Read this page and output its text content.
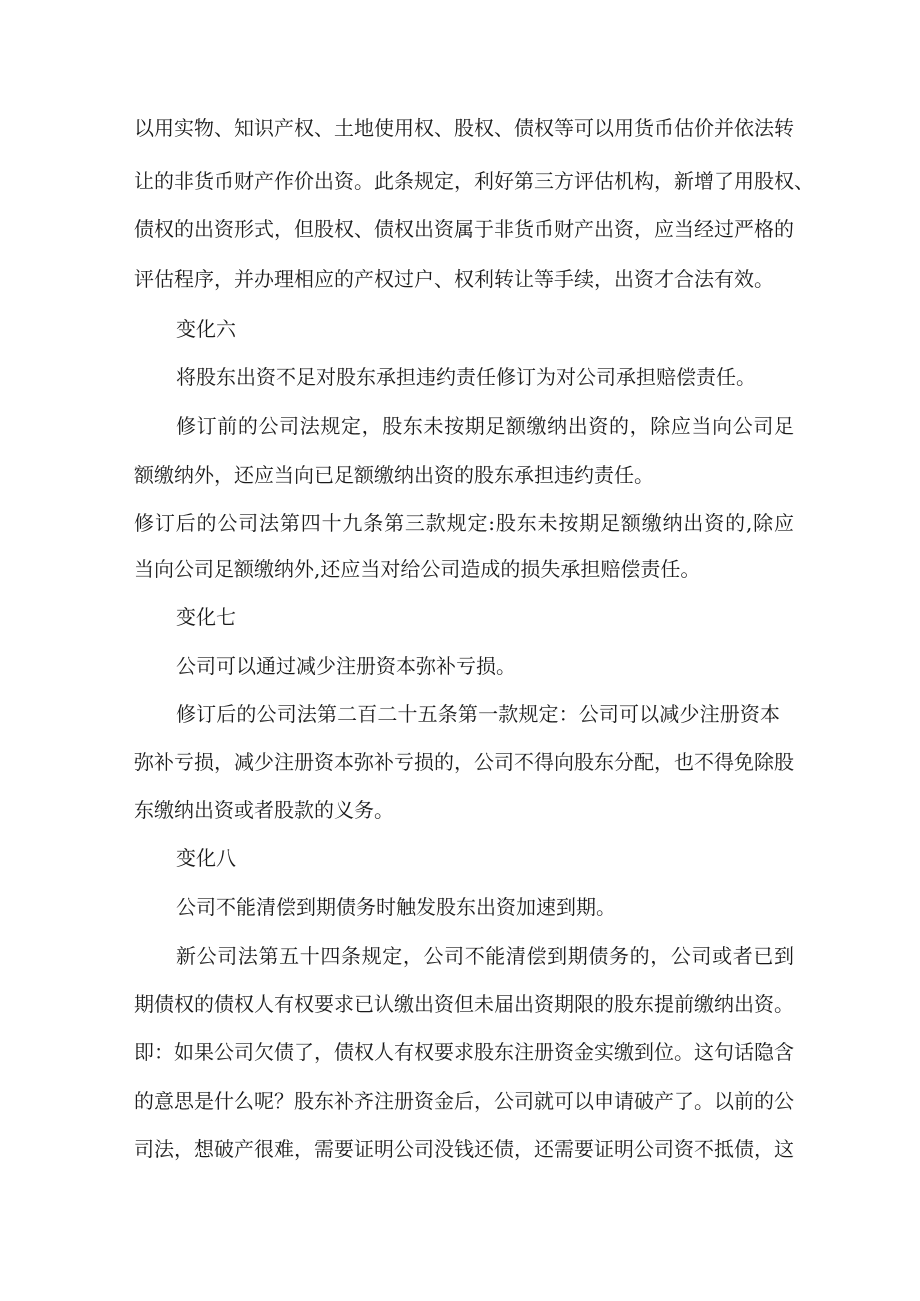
以用实物、知识产权、土地使用权、股权、债权等可以用货币估价并依法转
让的非货币财产作价出资。此条规定，利好第三方评估机构，新增了用股权、
债权的出资形式，但股权、债权出资属于非货币财产出资，应当经过严格的
评估程序，并办理相应的产权过户、权利转让等手续，出资才合法有效。
变化六
将股东出资不足对股东承担违约责任修订为对公司承担赔偿责任。
修订前的公司法规定，股东未按期足额缴纳出资的，除应当向公司足
额缴纳外，还应当向已足额缴纳出资的股东承担违约责任。
修订后的公司法第四十九条第三款规定:股东未按期足额缴纳出资的,除应
当向公司足额缴纳外,还应当对给公司造成的损失承担赔偿责任。
变化七
公司可以通过减少注册资本弥补亏损。
修订后的公司法第二百二十五条第一款规定：公司可以减少注册资本
弥补亏损，减少注册资本弥补亏损的，公司不得向股东分配，也不得免除股
东缴纳出资或者股款的义务。
变化八
公司不能清偿到期债务时触发股东出资加速到期。
新公司法第五十四条规定，公司不能清偿到期债务的，公司或者已到
期债权的债权人有权要求已认缴出资但未届出资期限的股东提前缴纳出资。
即：如果公司欠债了，债权人有权要求股东注册资金实缴到位。这句话隐含
的意思是什么呢？股东补齐注册资金后，公司就可以申请破产了。以前的公
司法，想破产很难，需要证明公司没钱还债，还需要证明公司资不抵债，这
